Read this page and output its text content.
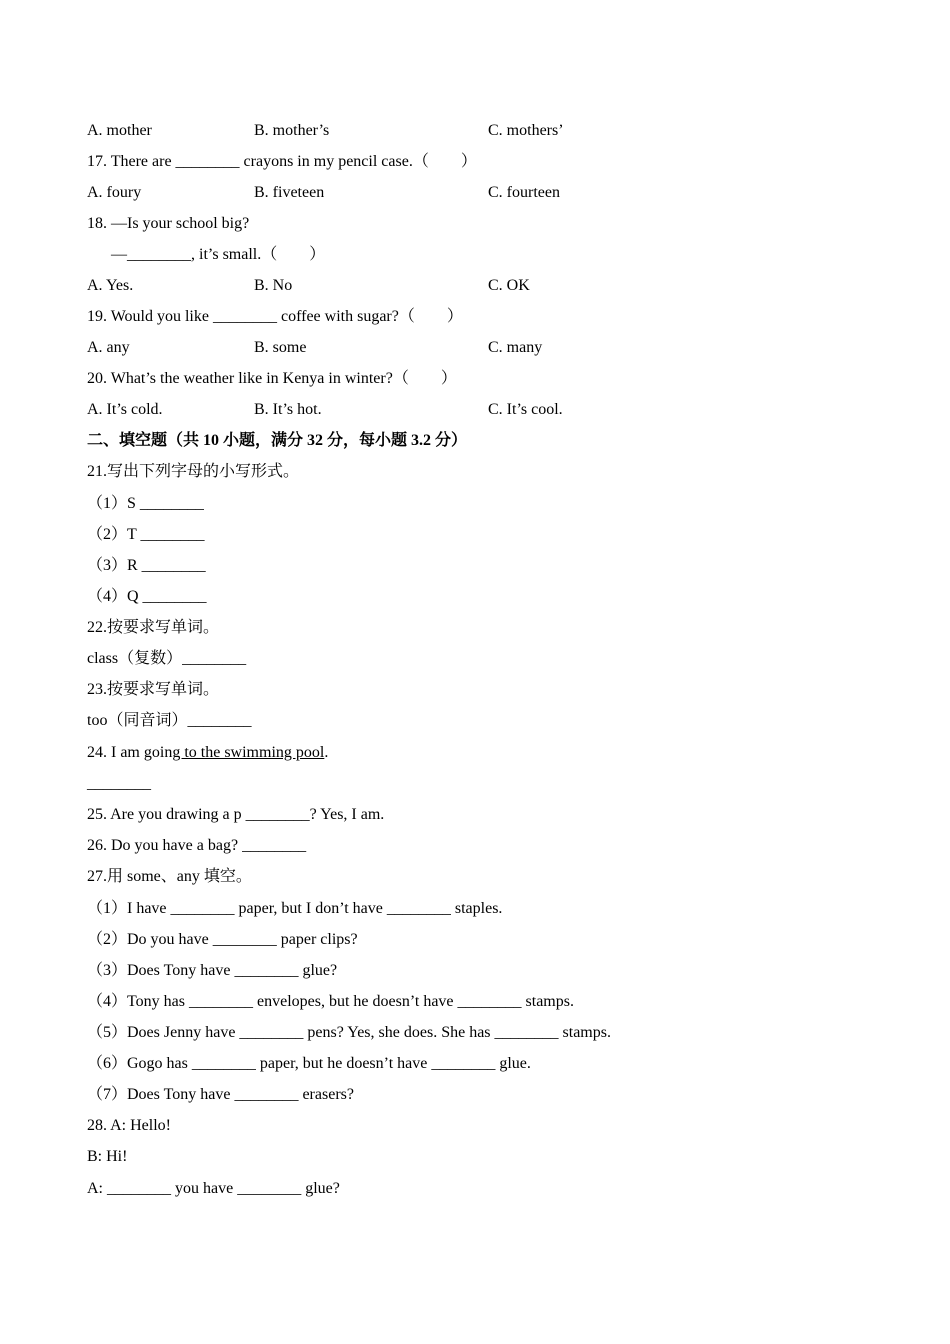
A. mother	B. mother’s	C. mothers’
17. There are ________ crayons in my pencil case.（　　）
A. foury	B. fiveteen	C. fourteen
18. —Is your school big?
—________, it’s small.（　　）
A. Yes.	B. No	C. OK
19. Would you like ________ coffee with sugar?（　　）
A. any	B. some	C. many
20. What’s the weather like in Kenya in winter?（　　）
A. It’s cold.	B. It’s hot.	C. It’s cool.
二、填空题（共 10 小题，满分 32 分，每小题 3.2 分）
21.写出下列字母的小写形式。
（1）S ________
（2）T ________
（3）R ________
（4）Q ________
22.按要求写单词。
class（复数）________
23.按要求写单词。
too（同音词）________
24. I am going to the swimming pool.
________
25. Are you drawing a p ________? Yes, I am.
26. Do you have a bag? ________
27.用 some、any 填空。
（1）I have ________ paper, but I don’t have ________ staples.
（2）Do you have ________ paper clips?
（3）Does Tony have ________ glue?
（4）Tony has ________ envelopes, but he doesn’t have ________ stamps.
（5）Does Jenny have ________ pens? Yes, she does. She has ________ stamps.
（6）Gogo has ________ paper, but he doesn’t have ________ glue.
（7）Does Tony have ________ erasers?
28. A: Hello!
B: Hi!
A: ________ you have ________ glue?
